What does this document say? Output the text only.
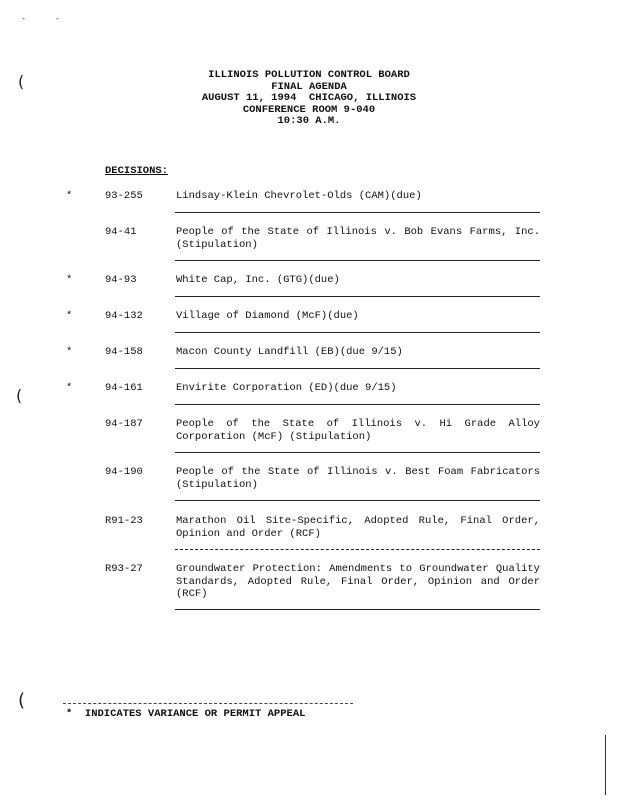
-	-
(
(
(
ILLINOIS POLLUTION CONTROL BOARD
FINAL AGENDA
AUGUST 11, 1994  CHICAGO, ILLINOIS
CONFERENCE ROOM 9-040
10:30 A.M.
DECISIONS:
*	93-255	Lindsay-Klein Chevrolet-Olds (CAM)(due)
94-41	People of the State of Illinois v. Bob Evans Farms, Inc. (Stipulation)
*	94-93	White Cap, Inc. (GTG)(due)
*	94-132	Village of Diamond (McF)(due)
*	94-158	Macon County Landfill (EB)(due 9/15)
*	94-161	Envirite Corporation (ED)(due 9/15)
94-187	People of the State of Illinois v. Hi Grade Alloy Corporation (McF) (Stipulation)
94-190	People of the State of Illinois v. Best Foam Fabricators (Stipulation)
R91-23	Marathon Oil Site-Specific, Adopted Rule, Final Order, Opinion and Order (RCF)
R93-27	Groundwater Protection: Amendments to Groundwater Quality Standards, Adopted Rule, Final Order, Opinion and Order (RCF)
*  INDICATES VARIANCE OR PERMIT APPEAL
